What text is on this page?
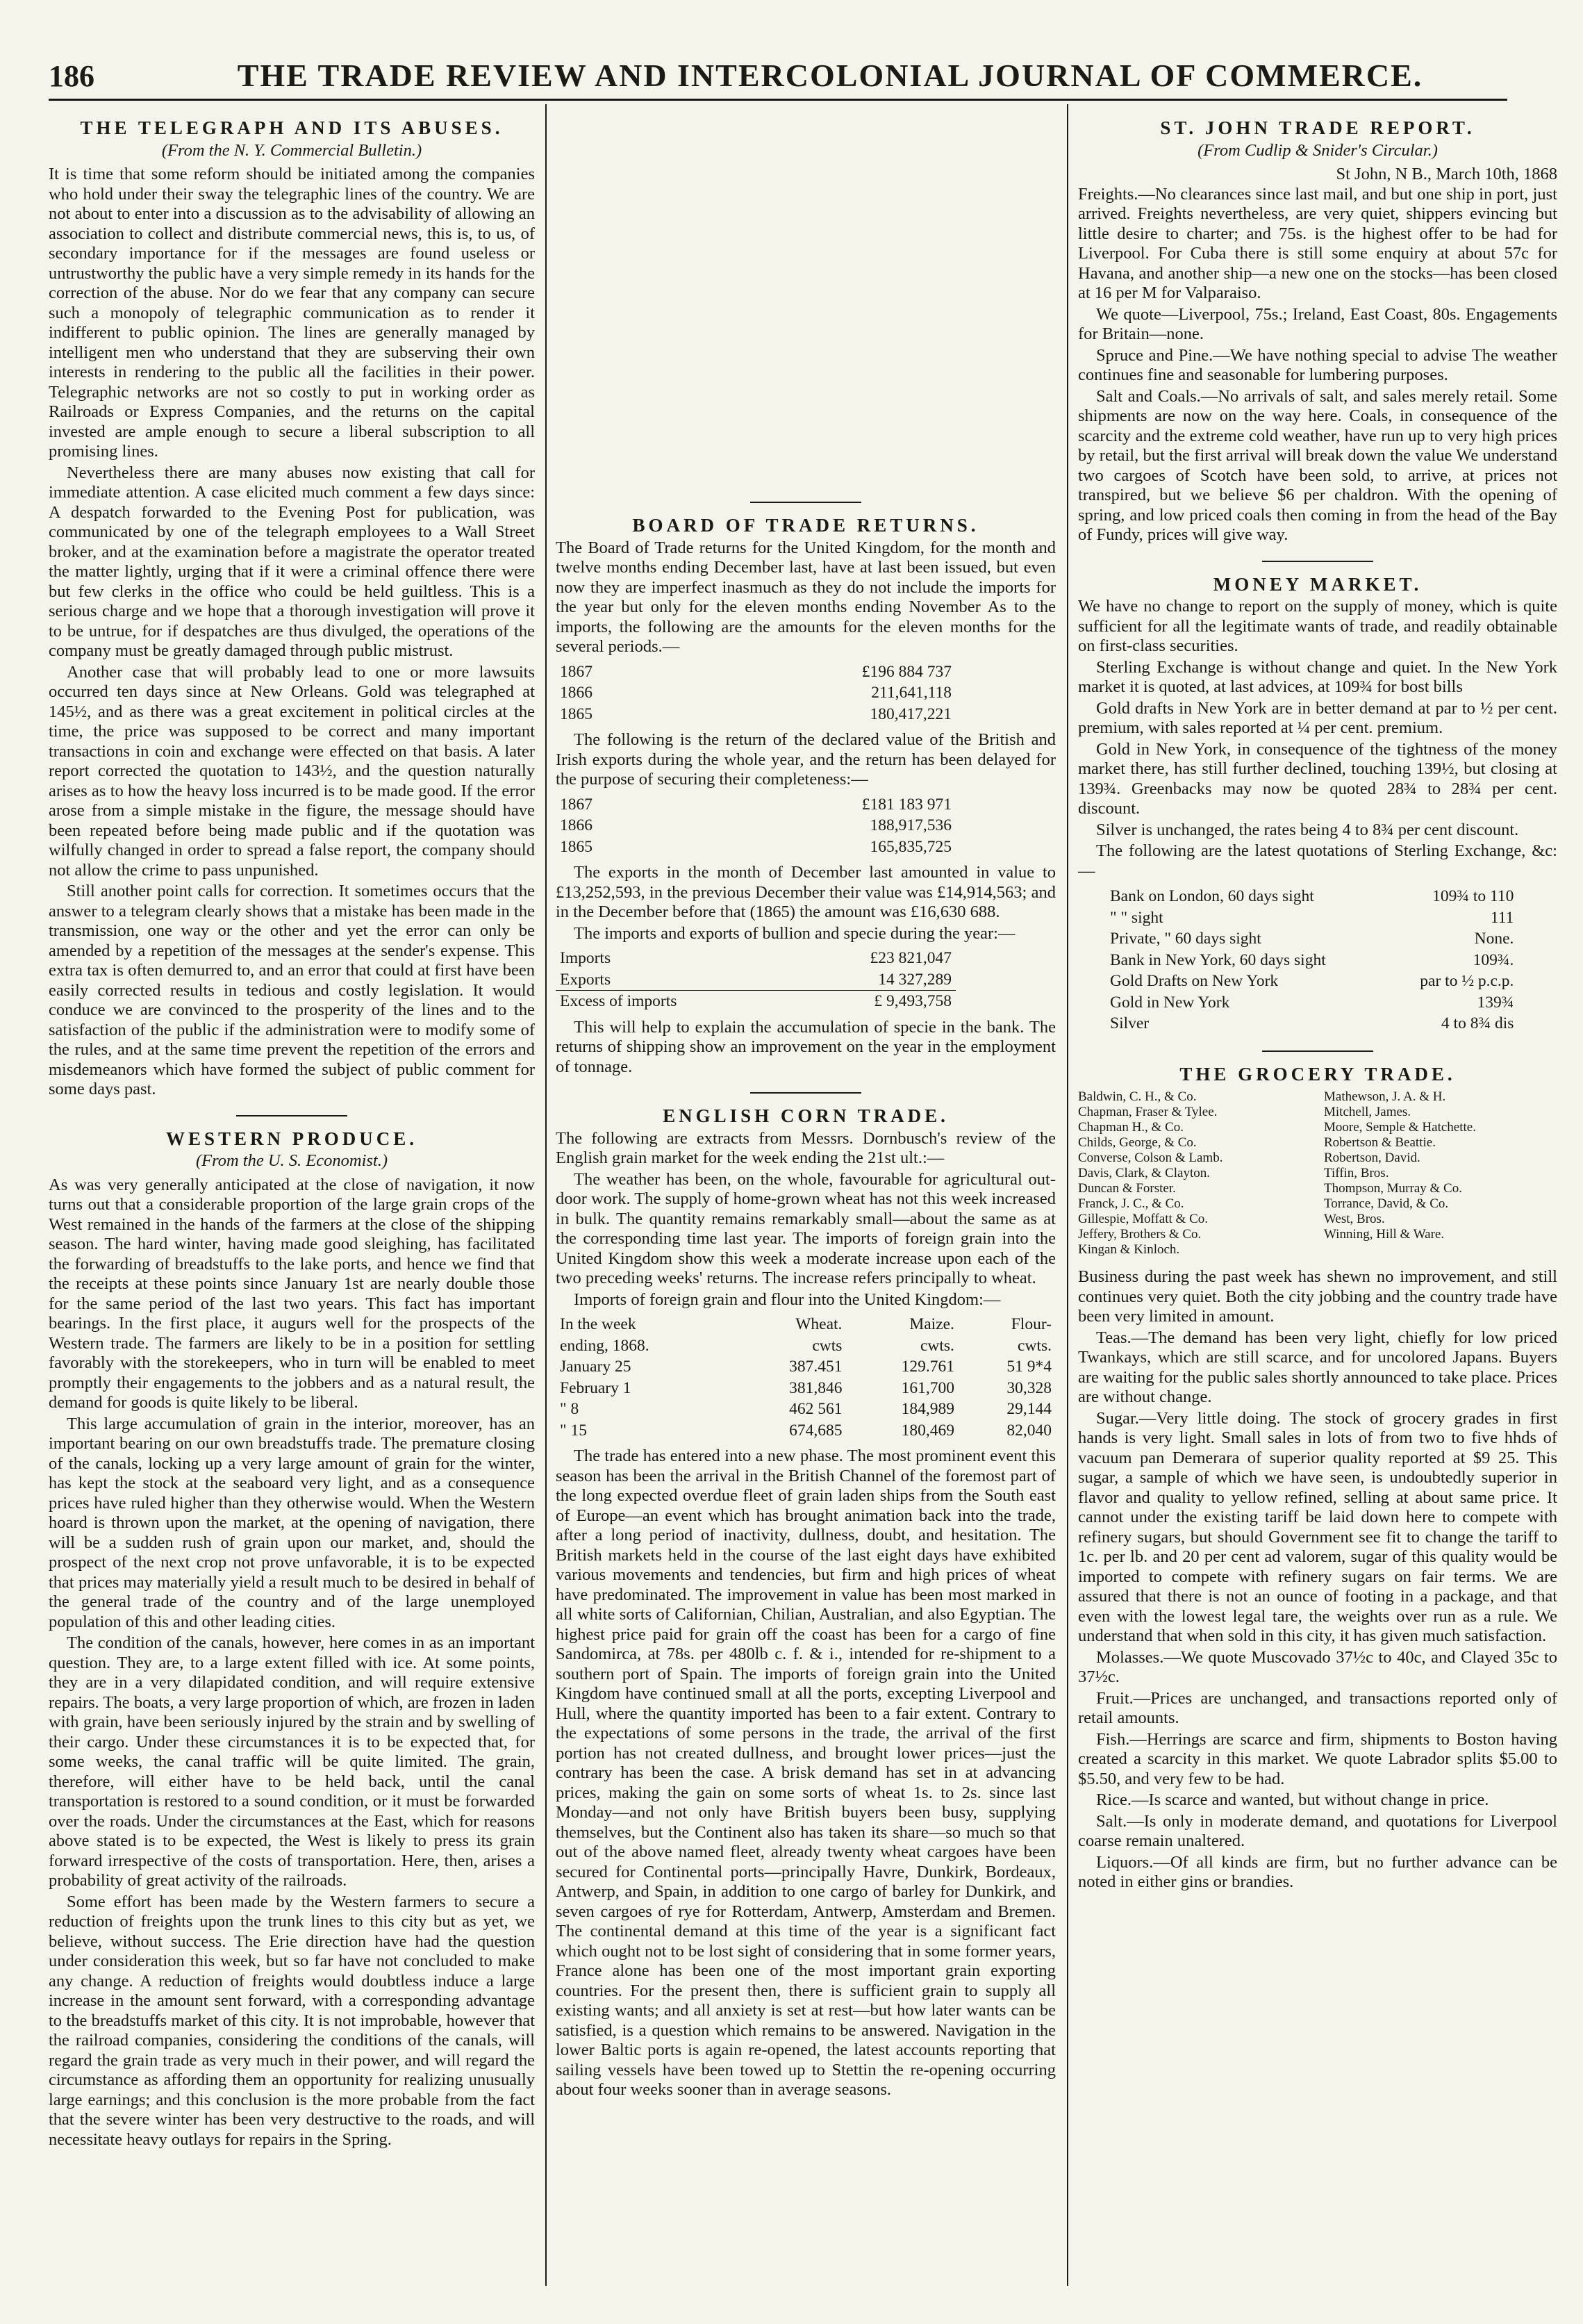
186	THE TRADE REVIEW AND INTERCOLONIAL JOURNAL OF COMMERCE.
THE TELEGRAPH AND ITS ABUSES.
(From the N. Y. Commercial Bulletin.)

It is time that some reform should be initiated among the companies who hold under their sway the telegraphic lines of the country. We are not about to enter into a discussion as to the advisability of allowing an association to collect and distribute commercial news, this is, to us, of secondary importance for if the messages are found useless or untrustworthy the public have a very simple remedy in its hands for the correction of the abuse. Nor do we fear that any company can secure such a monopoly of telegraphic communication as to render it indifferent to public opinion. The lines are generally managed by intelligent men who understand that they are subserving their own interests in rendering to the public all the facilities in their power. Telegraphic networks are not so costly to put in working order as Railroads or Express Companies, and the returns on the capital invested are ample enough to secure a liberal subscription to all promising lines.

Nevertheless there are many abuses now existing that call for immediate attention. A case elicited much comment a few days since: A despatch forwarded to the Evening Post for publication, was communicated by one of the telegraph employees to a Wall Street broker, and at the examination before a magistrate the operator treated the matter lightly, urging that if it were a criminal offence there were but few clerks in the office who could be held guiltless. This is a serious charge and we hope that a thorough investigation will prove it to be untrue, for if despatches are thus divulged, the operations of the company must be greatly damaged through public mistrust.

Another case that will probably lead to one or more lawsuits occurred ten days since at New Orleans. Gold was telegraphed at 145½, and as there was a great excitement in political circles at the time, the price was supposed to be correct and many important transactions in coin and exchange were effected on that basis. A later report corrected the quotation to 143½, and the question naturally arises as to how the heavy loss incurred is to be made good. If the error arose from a simple mistake in the figure, the message should have been repeated before being made public and if the quotation was wilfully changed in order to spread a false report, the company should not allow the crime to pass unpunished.

Still another point calls for correction. It sometimes occurs that the answer to a telegram clearly shows that a mistake has been made in the transmission, one way or the other and yet the error can only be amended by a repetition of the messages at the sender's expense. This extra tax is often demurred to, and an error that could at first have been easily corrected results in tedious and costly legislation. It would conduce we are convinced to the prosperity of the lines and to the satisfaction of the public if the administration were to modify some of the rules, and at the same time prevent the repetition of the errors and misdemeanors which have formed the subject of public comment for some days past.

WESTERN PRODUCE.
(From the U. S. Economist.)

As was very generally anticipated at the close of navigation, it now turns out that a considerable proportion of the large grain crops of the West remained in the hands of the farmers at the close of the shipping season. The hard winter, having made good sleighing, has facilitated the forwarding of breadstuffs to the lake ports, and hence we find that the receipts at these points since January 1st are nearly double those for the same period of the last two years. This fact has important bearings. In the first place, it augurs well for the prospects of the Western trade. The farmers are likely to be in a position for settling favorably with the storekeepers, who in turn will be enabled to meet promptly their engagements to the jobbers and as a natural result, the demand for goods is quite likely to be liberal.

This large accumulation of grain in the interior, moreover, has an important bearing on our own breadstuffs trade. The premature closing of the canals, locking up a very large amount of grain for the winter, has kept the stock at the seaboard very light, and as a consequence prices have ruled higher than they otherwise would. When the Western hoard is thrown upon the market, at the opening of navigation, there will be a sudden rush of grain upon our market, and, should the prospect of the next crop not prove unfavorable, it is to be expected that prices may materially yield a result much to be desired in behalf of the general trade of the country and of the large unemployed population of this and other leading cities.

The condition of the canals, however, here comes in as an important question. They are, to a large extent filled with ice. At some points, they are in a very dilapidated condition, and will require extensive repairs. The boats, a very large proportion of which, are frozen in laden with grain, have been seriously injured by the strain and by swelling of their cargo. Under these circumstances it is to be expected that, for some weeks, the canal traffic will be quite limited. The grain, therefore, will either have to be held back, until the canal transportation is restored to a sound condition, or it must be forwarded over the roads. Under the circumstances at the East, which for reasons above stated is to be expected, the West is likely to press its grain forward irrespective of the costs of transportation. Here, then, arises a probability of great activity of the railroads.

Some effort has been made by the Western farmers to secure a reduction of freights upon the trunk lines to this city but as yet, we believe, without success. The Erie direction have had the question under consideration this week, but so far have not concluded to make any change. A reduction of freights would doubtless induce a large increase in the amount sent forward, with a corresponding advantage to the breadstuffs market of this city. It is not improbable, however that the railroad companies, considering the conditions of the canals, will regard the grain trade as very much in their power, and will regard the circumstance as affording them an opportunity for realizing unusually large earnings; and this conclusion is the more probable from the fact that the severe winter has been very destructive to the roads, and will necessitate heavy outlays for repairs in the Spring.

BOARD OF TRADE RETURNS.

The Board of Trade returns for the United Kingdom, for the month and twelve months ending December last, have at last been issued, but even now they are imperfect inasmuch as they do not include the imports for the year but only for the eleven months ending November As to the imports, the following are the amounts for the eleven months for the several periods.—

1867	£196 884 737
1866	211,641,118
1865	180,417,221

The following is the return of the declared value of the British and Irish exports during the whole year, and the return has been delayed for the purpose of securing their completeness:—

1867	£181 183 971
1866	188,917,536
1865	165,835,725

The exports in the month of December last amounted in value to £13,252,593, in the previous December their value was £14,914,563; and in the December before that (1865) the amount was £16,630 688.

The imports and exports of bullion and specie during the year:—

Imports	£23 821,047
Exports	14 327,289
Excess of imports	£ 9,493,758

This will help to explain the accumulation of specie in the bank. The returns of shipping show an improvement on the year in the employment of tonnage.

ENGLISH CORN TRADE.

The following are extracts from Messrs. Dornbusch's review of the English grain market for the week ending the 21st ult.:—

The weather has been, on the whole, favourable for agricultural out-door work. The supply of home-grown wheat has not this week increased in bulk. The quantity remains remarkably small—about the same as at the corresponding time last year. The imports of foreign grain into the United Kingdom show this week a moderate increase upon each of the two preceding weeks' returns. The increase refers principally to wheat.

Imports of foreign grain and flour into the United Kingdom:—

In the week	Wheat.	Maize.	Flour-
ending, 1868.	cwts	cwts.	cwts.
January 25	387.451	129.761	51 9*4
February 1	381,846	161,700	30,328
" 8	462 561	184,989	29,144
" 15	674,685	180,469	82,040

The trade has entered into a new phase. The most prominent event this season has been the arrival in the British Channel of the foremost part of the long expected overdue fleet of grain laden ships from the South east of Europe—an event which has brought animation back into the trade, after a long period of inactivity, dullness, doubt, and hesitation. The British markets held in the course of the last eight days have exhibited various movements and tendencies, but firm and high prices of wheat have predominated. The improvement in value has been most marked in all white sorts of Californian, Chilian, Australian, and also Egyptian. The highest price paid for grain off the coast has been for a cargo of fine Sandomirca, at 78s. per 480lb c. f. & i., intended for re-shipment to a southern port of Spain. The imports of foreign grain into the United Kingdom have continued small at all the ports, excepting Liverpool and Hull, where the quantity imported has been to a fair extent. Contrary to the expectations of some persons in the trade, the arrival of the first portion has not created dullness, and brought lower prices—just the contrary has been the case. A brisk demand has set in at advancing prices, making the gain on some sorts of wheat 1s. to 2s. since last Monday—and not only have British buyers been busy, supplying themselves, but the Continent also has taken its share—so much so that out of the above named fleet, already twenty wheat cargoes have been secured for Continental ports—principally Havre, Dunkirk, Bordeaux, Antwerp, and Spain, in addition to one cargo of barley for Dunkirk, and seven cargoes of rye for Rotterdam, Antwerp, Amsterdam and Bremen. The continental demand at this time of the year is a significant fact which ought not to be lost sight of considering that in some former years, France alone has been one of the most important grain exporting countries. For the present then, there is sufficient grain to supply all existing wants; and all anxiety is set at rest—but how later wants can be satisfied, is a question which remains to be answered. Navigation in the lower Baltic ports is again re-opened, the latest accounts reporting that sailing vessels have been towed up to Stettin the re-opening occurring about four weeks sooner than in average seasons.

ST. JOHN TRADE REPORT.
(From Cudlip & Snider's Circular.)
St John, N B., March 10th, 1868

Freights.—No clearances since last mail, and but one ship in port, just arrived. Freights nevertheless, are very quiet, shippers evincing but little desire to charter; and 75s. is the highest offer to be had for Liverpool. For Cuba there is still some enquiry at about 57c for Havana, and another ship—a new one on the stocks—has been closed at 16 per M for Valparaiso.

We quote—Liverpool, 75s.; Ireland, East Coast, 80s. Engagements for Britain—none.

Spruce and Pine.—We have nothing special to advise The weather continues fine and seasonable for lumbering purposes.

Salt and Coals.—No arrivals of salt, and sales merely retail. Some shipments are now on the way here. Coals, in consequence of the scarcity and the extreme cold weather, have run up to very high prices by retail, but the first arrival will break down the value We understand two cargoes of Scotch have been sold, to arrive, at prices not transpired, but we believe $6 per chaldron. With the opening of spring, and low priced coals then coming in from the head of the Bay of Fundy, prices will give way.

MONEY MARKET.

We have no change to report on the supply of money, which is quite sufficient for all the legitimate wants of trade, and readily obtainable on first-class securities.

Sterling Exchange is without change and quiet. In the New York market it is quoted, at last advices, at 109¾ for bost bills

Gold drafts in New York are in better demand at par to ½ per cent. premium, with sales reported at ¼ per cent. premium.

Gold in New York, in consequence of the tightness of the money market there, has still further declined, touching 139½, but closing at 139¾. Greenbacks may now be quoted 28¾ to 28¾ per cent. discount.

Silver is unchanged, the rates being 4 to 8¾ per cent discount.

The following are the latest quotations of Sterling Exchange, &c:—

Bank on London, 60 days sight	109¾ to 110
" " sight	111
Private, " 60 days sight	None.
Bank in New York, 60 days sight	109¾.
Gold Drafts on New York	par to ½ p.c.p.
Gold in New York	139¾
Silver	4 to 8¾ dis
THE GROCERY TRADE.
Baldwin, C. H., & Co.
Chapman, Fraser & Tylee.
Chapman H., & Co.
Childs, George, & Co.
Converse, Colson & Lamb.
Davis, Clark, & Clayton.
Duncan & Forster.
Franck, J. C., & Co.
Gillespie, Moffatt & Co.
Jeffery, Brothers & Co.
Kingan & Kinloch.
Mathewson, J. A. & H.
Mitchell, James.
Moore, Semple & Hatchette.
Robertson & Beattie.
Robertson, David.
Tiffin, Bros.
Thompson, Murray & Co.
Torrance, David, & Co.
West, Bros.
Winning, Hill & Ware.

Business during the past week has shewn no improvement, and still continues very quiet. Both the city jobbing and the country trade have been very limited in amount.

Teas.—The demand has been very light, chiefly for low priced Twankays, which are still scarce, and for uncolored Japans. Buyers are waiting for the public sales shortly announced to take place. Prices are without change.

Sugar.—Very little doing. The stock of grocery grades in first hands is very light. Small sales in lots of from two to five hhds of vacuum pan Demerara of superior quality reported at $9 25. This sugar, a sample of which we have seen, is undoubtedly superior in flavor and quality to yellow refined, selling at about same price. It cannot under the existing tariff be laid down here to compete with refinery sugars, but should Government see fit to change the tariff to 1c. per lb. and 20 per cent ad valorem, sugar of this quality would be imported to compete with refinery sugars on fair terms. We are assured that there is not an ounce of footing in a package, and that even with the lowest legal tare, the weights over run as a rule. We understand that when sold in this city, it has given much satisfaction.

Molasses.—We quote Muscovado 37½c to 40c, and Clayed 35c to 37½c.

Fruit.—Prices are unchanged, and transactions reported only of retail amounts.

Fish.—Herrings are scarce and firm, shipments to Boston having created a scarcity in this market. We quote Labrador splits $5.00 to $5.50, and very few to be had.

Rice.—Is scarce and wanted, but without change in price.

Salt.—Is only in moderate demand, and quotations for Liverpool coarse remain unaltered.

Liquors.—Of all kinds are firm, but no further advance can be noted in either gins or brandies.
